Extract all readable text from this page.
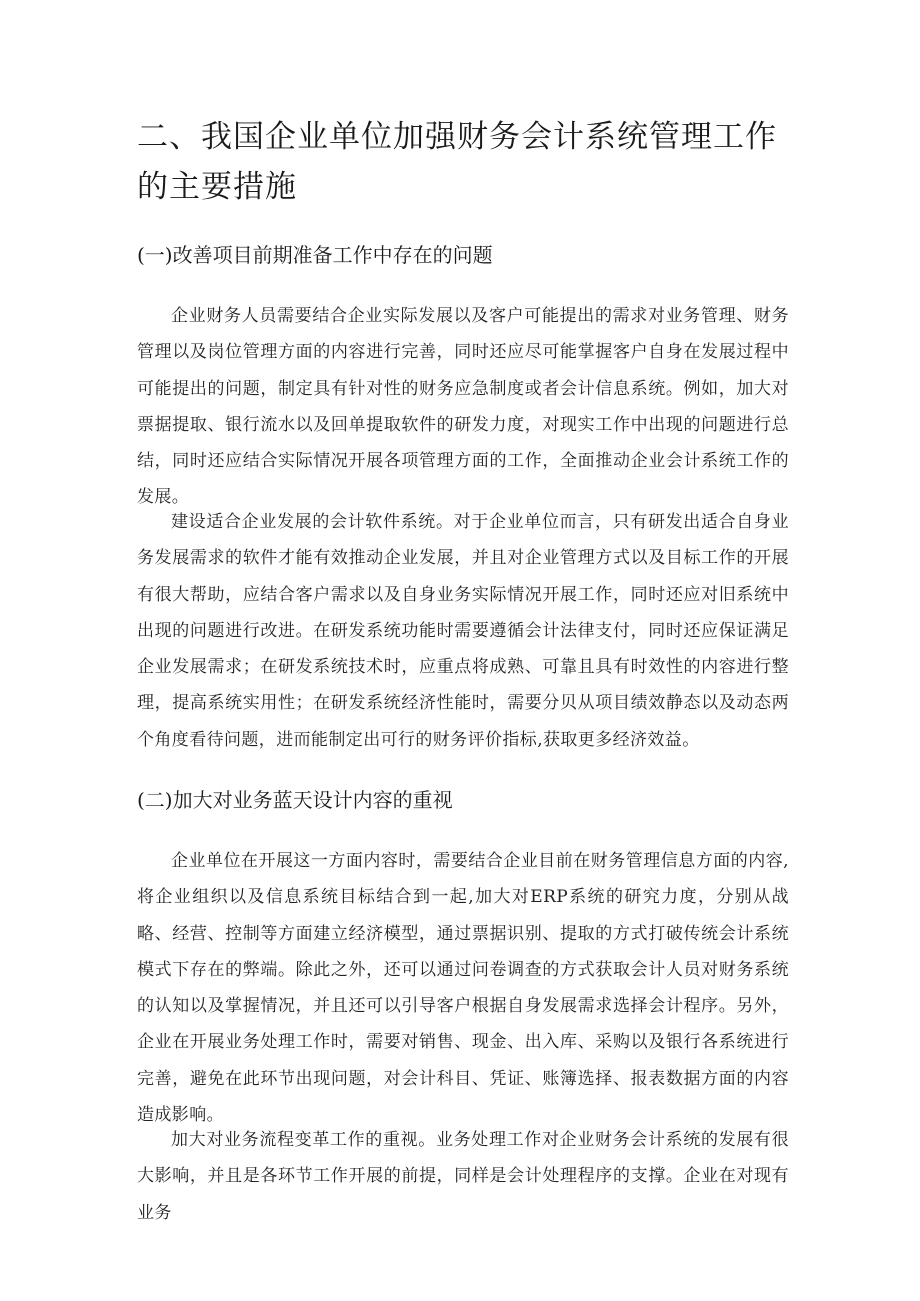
二、我国企业单位加强财务会计系统管理工作的主要措施
(一)改善项目前期准备工作中存在的问题

企业财务人员需要结合企业实际发展以及客户可能提出的需求对业务管理、财务管理以及岗位管理方面的内容进行完善，同时还应尽可能掌握客户自身在发展过程中可能提出的问题，制定具有针对性的财务应急制度或者会计信息系统。例如，加大对票据提取、银行流水以及回单提取软件的研发力度，对现实工作中出现的问题进行总结，同时还应结合实际情况开展各项管理方面的工作，全面推动企业会计系统工作的发展。

建设适合企业发展的会计软件系统。对于企业单位而言，只有研发出适合自身业务发展需求的软件才能有效推动企业发展，并且对企业管理方式以及目标工作的开展有很大帮助，应结合客户需求以及自身业务实际情况开展工作，同时还应对旧系统中出现的问题进行改进。在研发系统功能时需要遵循会计法律支付，同时还应保证满足企业发展需求；在研发系统技术时，应重点将成熟、可靠且具有时效性的内容进行整理，提高系统实用性；在研发系统经济性能时，需要分贝从项目绩效静态以及动态两个角度看待问题，进而能制定出可行的财务评价指标,获取更多经济效益。

(二)加大对业务蓝天设计内容的重视

企业单位在开展这一方面内容时，需要结合企业目前在财务管理信息方面的内容,将企业组织以及信息系统目标结合到一起,加大对ERP系统的研究力度，分别从战略、经营、控制等方面建立经济模型，通过票据识别、提取的方式打破传统会计系统模式下存在的弊端。除此之外，还可以通过问卷调查的方式获取会计人员对财务系统的认知以及掌握情况，并且还可以引导客户根据自身发展需求选择会计程序。另外，企业在开展业务处理工作时，需要对销售、现金、出入库、采购以及银行各系统进行完善，避免在此环节出现问题，对会计科目、凭证、账簿选择、报表数据方面的内容造成影响。

加大对业务流程变革工作的重视。业务处理工作对企业财务会计系统的发展有很大影响，并且是各环节工作开展的前提，同样是会计处理程序的支撑。企业在对现有业务
